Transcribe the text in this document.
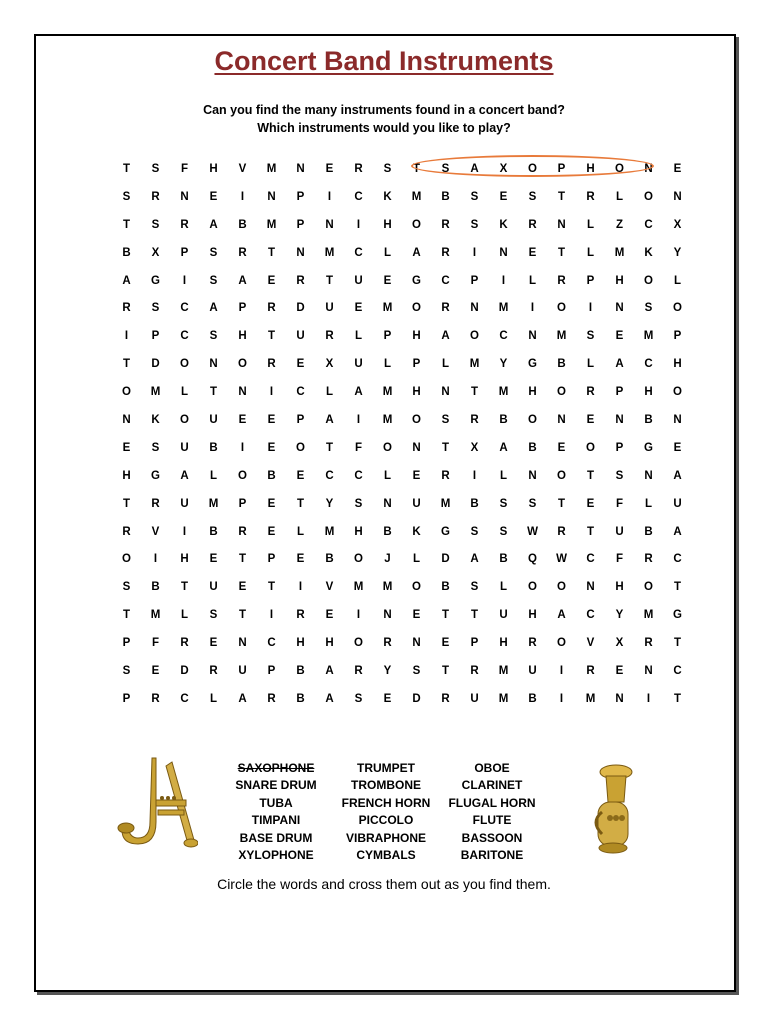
Concert Band Instruments
Can you find the many instruments found in a concert band?
Which instruments would you like to play?
T	S	F	H	V	M	N	E	R	S	T	S	A	X	O	P	H	O	N	E
S	R	N	E	I	N	P	I	C	K	M	B	S	E	S	T	R	L	O	N
T	S	R	A	B	M	P	N	I	H	O	R	S	K	R	N	L	Z	C	X
B	X	P	S	R	T	N	M	C	L	A	R	I	N	E	T	L	M	K	Y
A	G	I	S	A	E	R	T	U	E	G	C	P	I	L	R	P	H	O	L
R	S	C	A	P	R	D	U	E	M	O	R	N	M	I	O	I	N	S	O
I	P	C	S	H	T	U	R	L	P	H	A	O	C	N	M	S	E	M	P
T	D	O	N	O	R	E	X	U	L	P	L	M	Y	G	B	L	A	C	H
O	M	L	T	N	I	C	L	A	M	H	N	T	M	H	O	R	P	H	O
N	K	O	U	E	E	P	A	I	M	O	S	R	B	O	N	E	N	B	N
E	S	U	B	I	E	O	T	F	O	N	T	X	A	B	E	O	P	G	E
H	G	A	L	O	B	E	C	C	L	E	R	I	L	N	O	T	S	N	A
T	R	U	M	P	E	T	Y	S	N	U	M	B	S	S	T	E	F	L	U
R	V	I	B	R	E	L	M	H	B	K	G	S	S	W	R	T	U	B	A
O	I	H	E	T	P	E	B	O	J	L	D	A	B	Q	W	C	F	R	C
S	B	T	U	E	T	I	V	M	M	O	B	S	L	O	O	N	H	O	T
T	M	L	S	T	I	R	E	I	N	E	T	T	U	H	A	C	Y	M	G
P	F	R	E	N	C	H	H	O	R	N	E	P	H	R	O	V	X	R	T
S	E	D	R	U	P	B	A	R	Y	S	T	R	M	U	I	R	E	N	C
P	R	C	L	A	R	B	A	S	E	D	R	U	M	B	I	M	N	I	T
SAXOPHONE
SNARE DRUM
TUBA
TIMPANI
BASE DRUM
XYLOPHONE
TRUMPET
TROMBONE
FRENCH HORN
PICCOLO
VIBRAPHONE
CYMBALS
OBOE
CLARINET
FLUGAL HORN
FLUTE
BASSOON
BARITONE
Circle the words and cross them out as you find them.
